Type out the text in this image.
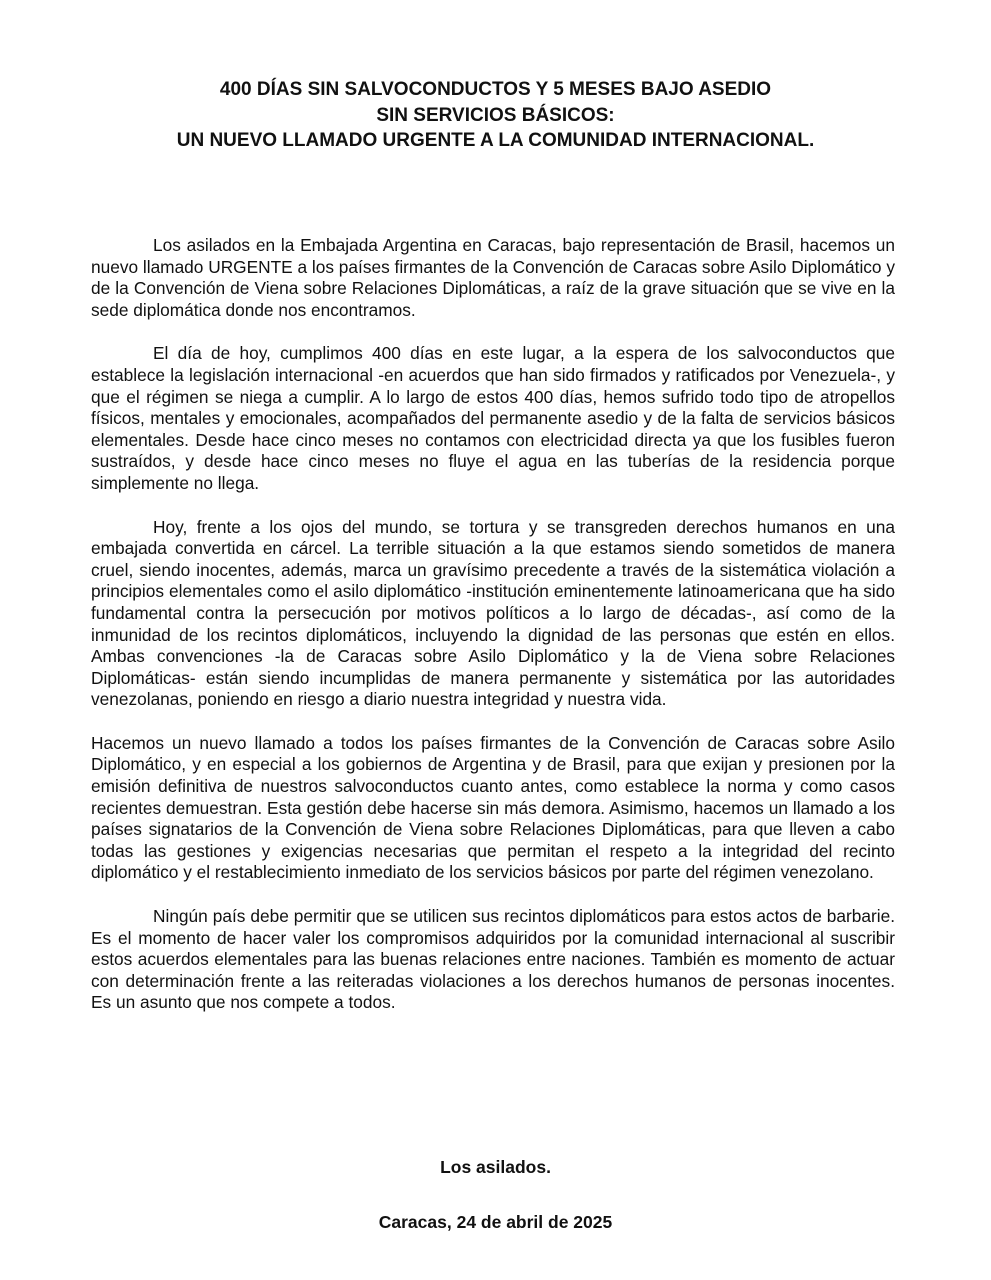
400 DÍAS SIN SALVOCONDUCTOS Y 5 MESES BAJO ASEDIO
SIN SERVICIOS BÁSICOS:
UN NUEVO LLAMADO URGENTE A LA COMUNIDAD INTERNACIONAL.

Los asilados en la Embajada Argentina en Caracas, bajo representación de Brasil, hacemos un nuevo llamado URGENTE a los países firmantes de la Convención de Caracas sobre Asilo Diplomático y de la Convención de Viena sobre Relaciones Diplomáticas, a raíz de la grave situación que se vive en la sede diplomática donde nos encontramos.

El día de hoy, cumplimos 400 días en este lugar, a la espera de los salvoconductos que establece la legislación internacional -en acuerdos que han sido firmados y ratificados por Venezuela-, y que el régimen se niega a cumplir. A lo largo de estos 400 días, hemos sufrido todo tipo de atropellos físicos, mentales y emocionales, acompañados del permanente asedio y de la falta de servicios básicos elementales. Desde hace cinco meses no contamos con electricidad directa ya que los fusibles fueron sustraídos, y desde hace cinco meses no fluye el agua en las tuberías de la residencia porque simplemente no llega.

Hoy, frente a los ojos del mundo, se tortura y se transgreden derechos humanos en una embajada convertida en cárcel. La terrible situación a la que estamos siendo sometidos de manera cruel, siendo inocentes, además, marca un gravísimo precedente a través de la sistemática violación a principios elementales como el asilo diplomático -institución eminentemente latinoamericana que ha sido fundamental contra la persecución por motivos políticos a lo largo de décadas-, así como de la inmunidad de los recintos diplomáticos, incluyendo la dignidad de las personas que estén en ellos. Ambas convenciones -la de Caracas sobre Asilo Diplomático y la de Viena sobre Relaciones Diplomáticas- están siendo incumplidas de manera permanente y sistemática por las autoridades venezolanas, poniendo en riesgo a diario nuestra integridad y nuestra vida.

Hacemos un nuevo llamado a todos los países firmantes de la Convención de Caracas sobre Asilo Diplomático, y en especial a los gobiernos de Argentina y de Brasil, para que exijan y presionen por la emisión definitiva de nuestros salvoconductos cuanto antes, como establece la norma y como casos recientes demuestran. Esta gestión debe hacerse sin más demora. Asimismo, hacemos un llamado a los países signatarios de la Convención de Viena sobre Relaciones Diplomáticas, para que lleven a cabo todas las gestiones y exigencias necesarias que permitan el respeto a la integridad del recinto diplomático y el restablecimiento inmediato de los servicios básicos por parte del régimen venezolano.

Ningún país debe permitir que se utilicen sus recintos diplomáticos para estos actos de barbarie. Es el momento de hacer valer los compromisos adquiridos por la comunidad internacional al suscribir estos acuerdos elementales para las buenas relaciones entre naciones. También es momento de actuar con determinación frente a las reiteradas violaciones a los derechos humanos de personas inocentes. Es un asunto que nos compete a todos.

Los asilados.
Caracas, 24 de abril de 2025
